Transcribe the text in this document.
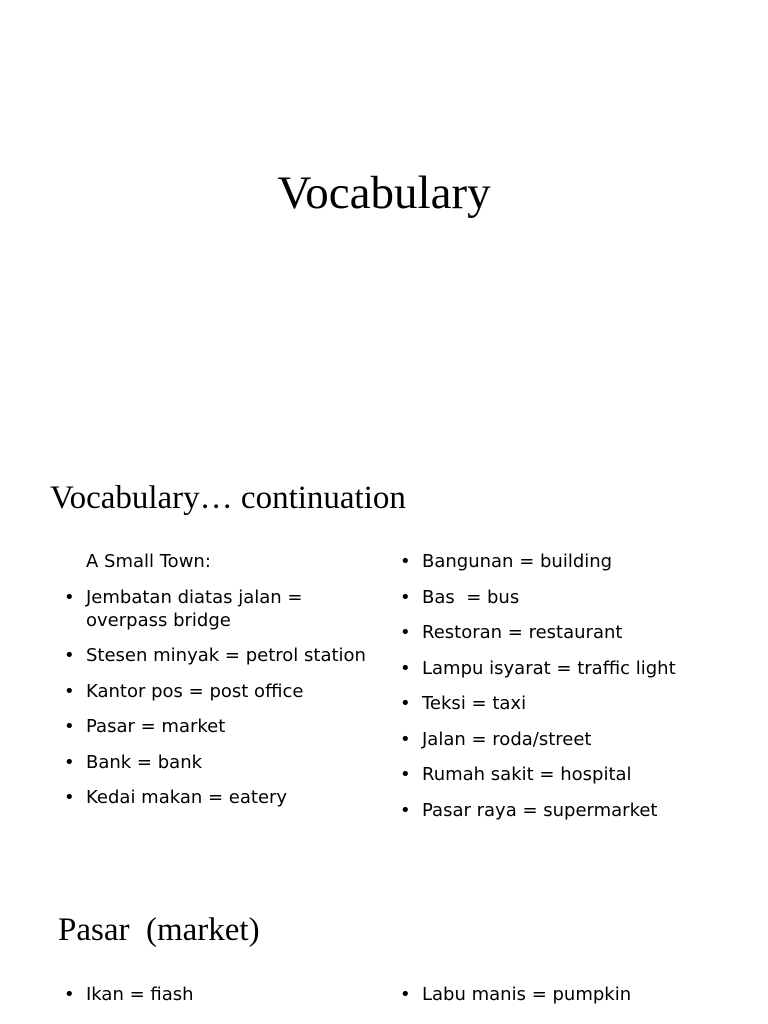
Vocabulary
Vocabulary… continuation
A Small Town:
• Jembatan diatas jalan = overpass bridge
• Stesen minyak = petrol station
• Kantor pos = post office
• Pasar = market
• Bank = bank
• Kedai makan = eatery
• Bangunan = building
• Bas  = bus
• Restoran = restaurant
• Lampu isyarat = traffic light
• Teksi = taxi
• Jalan = roda/street
• Rumah sakit = hospital
• Pasar raya = supermarket
Pasar  (market)
• Ikan = fiash
•	Labu manis = pumpkin
